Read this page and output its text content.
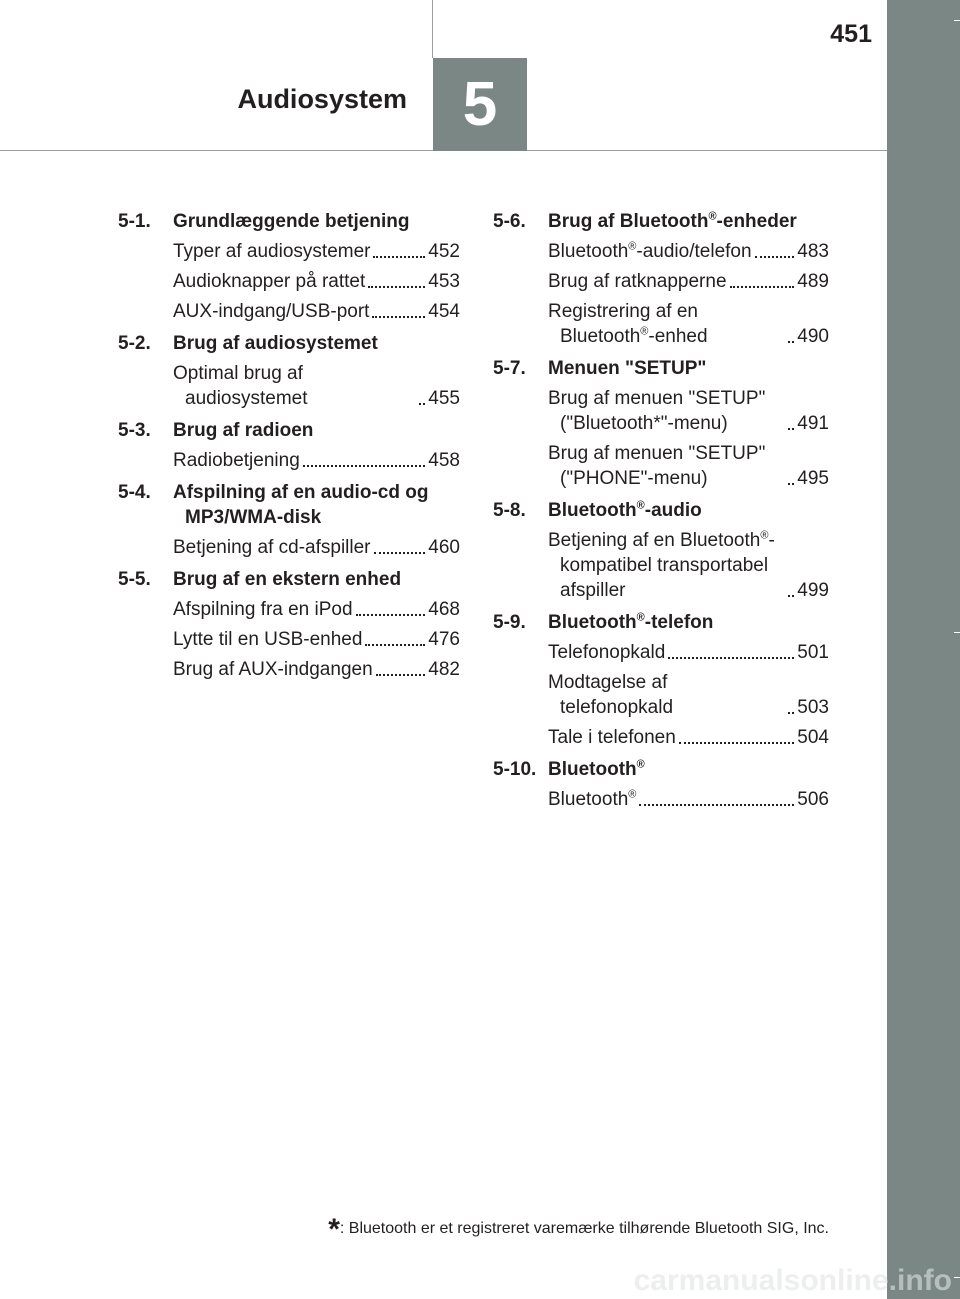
5
Audiosystem
451
5-1. Grundlæggende betjening
Typer af audiosystemer	452
Audioknapper på rattet	453
AUX-indgang/USB-port	454
5-2. Brug af audiosystemet
Optimal brug af audiosystemet	455
5-3. Brug af radioen
Radiobetjening	458
5-4. Afspilning af en audio-cd og MP3/WMA-disk
Betjening af cd-afspiller	460
5-5. Brug af en ekstern enhed
Afspilning fra en iPod	468
Lytte til en USB-enhed	476
Brug af AUX-indgangen	482
5-6. Brug af Bluetooth®-enheder
Bluetooth®-audio/telefon 483
Brug af ratknapperne	489
Registrering af en Bluetooth®-enhed	490
5-7. Menuen "SETUP"
Brug af menuen "SETUP" ("Bluetooth*"-menu)	491
Brug af menuen "SETUP" ("PHONE"-menu)	495
5-8. Bluetooth®-audio
Betjening af en Bluetooth®-kompatibel transportabel afspiller	499
5-9. Bluetooth®-telefon
Telefonopkald	501
Modtagelse af telefonopkald	503
Tale i telefonen	504
5-10. Bluetooth®
Bluetooth®	506
*: Bluetooth er et registreret varemærke tilhørende Bluetooth SIG, Inc.
carmanualsonline.info
